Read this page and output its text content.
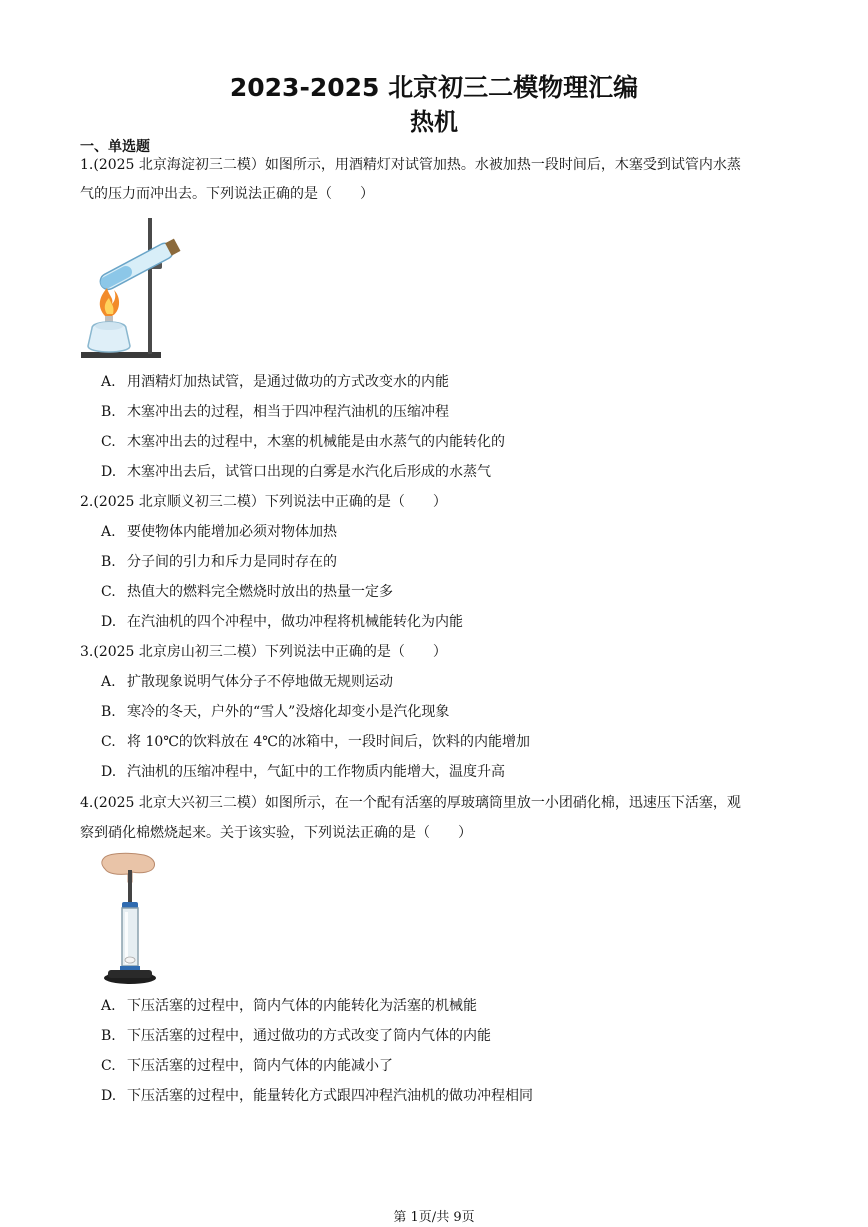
2023-2025 北京初三二模物理汇编
热机
一、单选题
1.(2025 北京海淀初三二模）如图所示，用酒精灯对试管加热。水被加热一段时间后，木塞受到试管内水蒸
气的压力而冲出去。下列说法正确的是（　　）
A. 用酒精灯加热试管，是通过做功的方式改变水的内能
B. 木塞冲出去的过程，相当于四冲程汽油机的压缩冲程
C. 木塞冲出去的过程中，木塞的机械能是由水蒸气的内能转化的
D. 木塞冲出去后，试管口出现的白雾是水汽化后形成的水蒸气
2.(2025 北京顺义初三二模）下列说法中正确的是（　　）
A. 要使物体内能增加必须对物体加热
B. 分子间的引力和斥力是同时存在的
C. 热值大的燃料完全燃烧时放出的热量一定多
D. 在汽油机的四个冲程中，做功冲程将机械能转化为内能
3.(2025 北京房山初三二模）下列说法中正确的是（　　）
A. 扩散现象说明气体分子不停地做无规则运动
B. 寒冷的冬天，户外的“雪人”没熔化却变小是汽化现象
C. 将 10℃的饮料放在 4℃的冰箱中，一段时间后，饮料的内能增加
D. 汽油机的压缩冲程中，气缸中的工作物质内能增大，温度升高
4.(2025 北京大兴初三二模）如图所示，在一个配有活塞的厚玻璃筒里放一小团硝化棉，迅速压下活塞，观
察到硝化棉燃烧起来。关于该实验，下列说法正确的是（　　）
A. 下压活塞的过程中，筒内气体的内能转化为活塞的机械能
B. 下压活塞的过程中，通过做功的方式改变了筒内气体的内能
C. 下压活塞的过程中，筒内气体的内能减小了
D. 下压活塞的过程中，能量转化方式跟四冲程汽油机的做功冲程相同
第 1页/共 9页
